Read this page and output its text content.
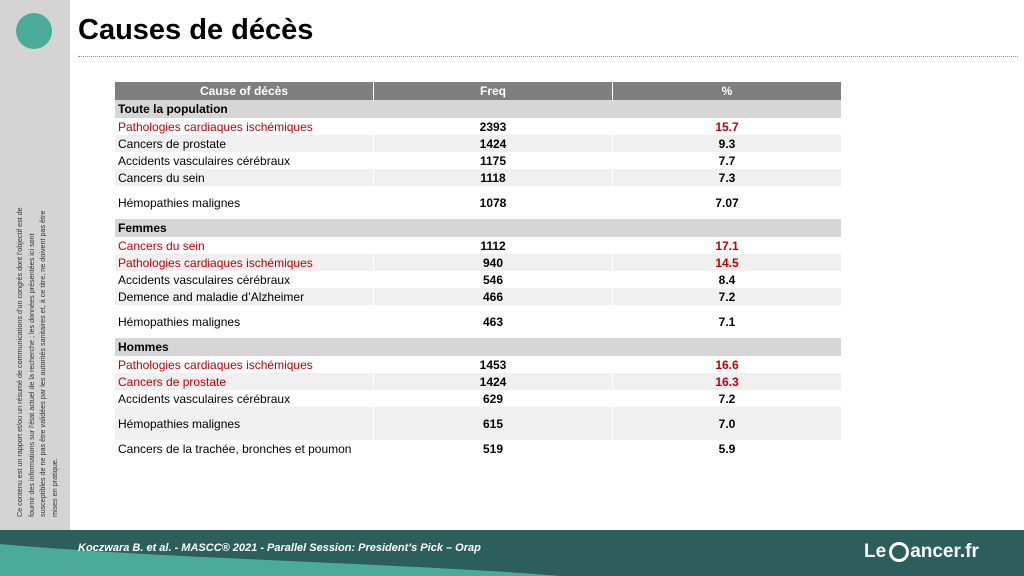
Ce contenu est un rapport et/ou un résumé de communications d’un congrès dont l’objectif est de fournir des informations sur l’état actuel de la recherche ; les données présentées ici sont susceptibles de ne pas être validées par les autorités sanitaires et, à ce titre, ne doivent pas être mises en pratique.
Causes de décès
Cause of décès	Freq	%
Toute la population		
Pathologies cardiaques ischémiques	2393	15.7
Cancers de prostate	1424	9.3
Accidents vasculaires cérébraux	1175	7.7
Cancers du sein	1118	7.3
Hémopathies malignes	1078	7.07
Femmes		
Cancers du sein	1112	17.1
Pathologies cardiaques ischémiques	940	14.5
Accidents vasculaires cérébraux	546	8.4
Demence and maladie d’Alzheimer	466	7.2
Hémopathies malignes	463	7.1
Hommes		
Pathologies cardiaques ischémiques	1453	16.6
Cancers de prostate	1424	16.3
Accidents vasculaires cérébraux	629	7.2
Hémopathies malignes	615	7.0
Cancers de la trachée, bronches et poumon	519	5.9
Koczwara B. et al. - MASCC® 2021 - Parallel Session: President’s Pick – Orap	Le ancer.fr
